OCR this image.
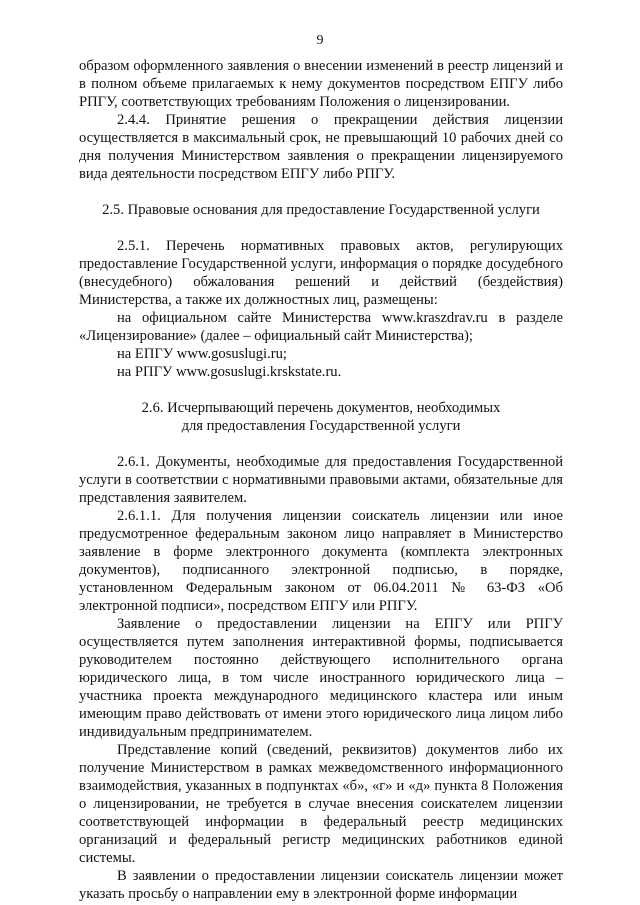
9

образом оформленного заявления о внесении изменений в реестр лицензий и в полном объеме прилагаемых к нему документов посредством ЕПГУ либо РПГУ, соответствующих требованиям Положения о лицензировании.

2.4.4. Принятие решения о прекращении действия лицензии осуществляется в максимальный срок, не превышающий 10 рабочих дней со дня получения Министерством заявления о прекращении лицензируемого вида деятельности посредством ЕПГУ либо РПГУ.

2.5. Правовые основания для предоставление Государственной услуги

2.5.1. Перечень нормативных правовых актов, регулирующих предоставление Государственной услуги, информация о порядке досудебного (внесудебного) обжалования решений и действий (бездействия) Министерства, а также их должностных лиц, размещены:

на официальном сайте Министерства www.kraszdrav.ru в разделе «Лицензирование» (далее – официальный сайт Министерства);

на ЕПГУ www.gosuslugi.ru;

на РПГУ www.gosuslugi.krskstate.ru.

2.6. Исчерпывающий перечень документов, необходимых

для предоставления Государственной услуги

2.6.1. Документы, необходимые для предоставления Государственной услуги в соответствии с нормативными правовыми актами, обязательные для представления заявителем.

2.6.1.1. Для получения лицензии соискатель лицензии или иное предусмотренное федеральным законом лицо направляет в Министерство заявление в форме электронного документа (комплекта электронных документов), подписанного электронной подписью, в порядке, установленном Федеральным законом от 06.04.2011 № 63-ФЗ «Об электронной подписи», посредством ЕПГУ или РПГУ.

Заявление о предоставлении лицензии на ЕПГУ или РПГУ осуществляется путем заполнения интерактивной формы, подписывается руководителем постоянно действующего исполнительного органа юридического лица, в том числе иностранного юридического лица – участника проекта международного медицинского кластера или иным имеющим право действовать от имени этого юридического лица лицом либо индивидуальным предпринимателем.

Представление копий (сведений, реквизитов) документов либо их получение Министерством в рамках межведомственного информационного взаимодействия, указанных в подпунктах «б», «г» и «д» пункта 8 Положения о лицензировании, не требуется в случае внесения соискателем лицензии соответствующей информации в федеральный реестр медицинских организаций и федеральный регистр медицинских работников единой системы.

В заявлении о предоставлении лицензии соискатель лицензии может указать просьбу о направлении ему в электронной форме информации
